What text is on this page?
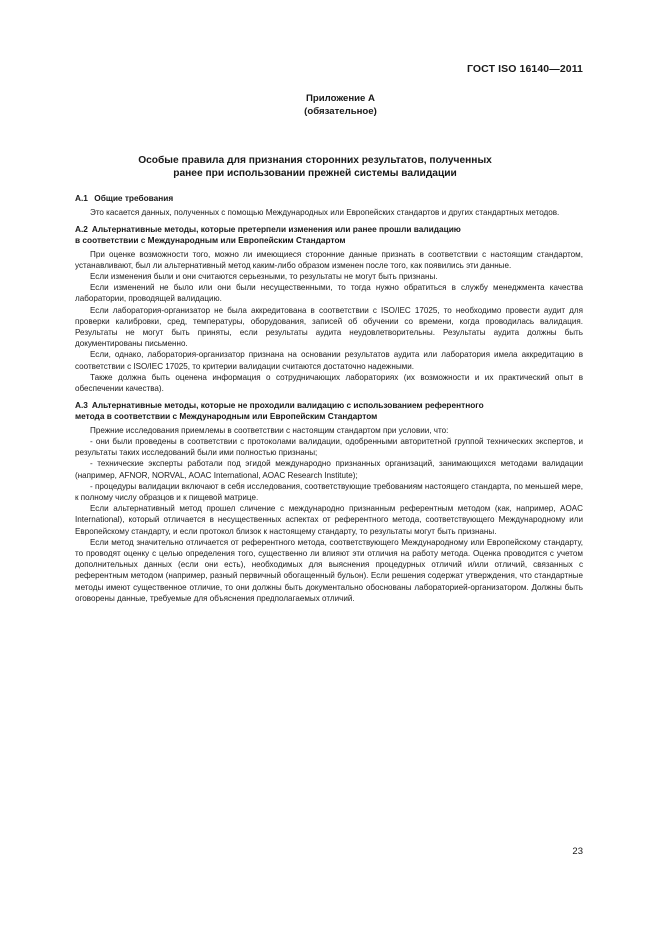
ГОСТ ISO 16140—2011
Приложение А
(обязательное)
Особые правила для признания сторонних результатов, полученных
ранее при использовании прежней системы валидации
А.1 Общие требования

Это касается данных, полученных с помощью Международных или Европейских стандартов и других стандартных методов.

А.2 Альтернативные методы, которые претерпели изменения или ранее прошли валидацию
в соответствии с Международным или Европейским Стандартом

При оценке возможности того, можно ли имеющиеся сторонние данные признать в соответствии с настоящим стандартом, устанавливают, был ли альтернативный метод каким-либо образом изменен после того, как появились эти данные.

Если изменения были и они считаются серьезными, то результаты не могут быть признаны.

Если изменений не было или они были несущественными, то тогда нужно обратиться в службу менеджмента качества лаборатории, проводящей валидацию.

Если лаборатория-организатор не была аккредитована в соответствии с ISO/IEC 17025, то необходимо провести аудит для проверки калибровки, сред, температуры, оборудования, записей об обучении со времени, когда проводилась валидация. Результаты не могут быть приняты, если результаты аудита неудовлетворительны. Результаты аудита должны быть документированы письменно.

Если, однако, лаборатория-организатор признана на основании результатов аудита или лаборатория имела аккредитацию в соответствии с ISO/IEC 17025, то критерии валидации считаются достаточно надежными.

Также должна быть оценена информация о сотрудничающих лабораториях (их возможности и их практический опыт в обеспечении качества).

А.3 Альтернативные методы, которые не проходили валидацию с использованием референтного
метода в соответствии с Международным или Европейским Стандартом

Прежние исследования приемлемы в соответствии с настоящим стандартом при условии, что:

- они были проведены в соответствии с протоколами валидации, одобренными авторитетной группой технических экспертов, и результаты таких исследований были ими полностью признаны;

- технические эксперты работали под эгидой международно признанных организаций, занимающихся методами валидации (например, AFNOR, NORVAL, AOAC International, AOAC Research Institute);

- процедуры валидации включают в себя исследования, соответствующие требованиям настоящего стандарта, по меньшей мере, к полному числу образцов и к пищевой матрице.

Если альтернативный метод прошел сличение с международно признанным референтным методом (как, например, AOAC International), который отличается в несущественных аспектах от референтного метода, соответствующего Международному или Европейскому стандарту, и если протокол близок к настоящему стандарту, то результаты могут быть признаны.

Если метод значительно отличается от референтного метода, соответствующего Международному или Европейскому стандарту, то проводят оценку с целью определения того, существенно ли влияют эти отличия на работу метода. Оценка проводится с учетом дополнительных данных (если они есть), необходимых для выяснения процедурных отличий и/или отличий, связанных с референтным методом (например, разный первичный обогащенный бульон). Если решения содержат утверждения, что стандартные методы имеют существенное отличие, то они должны быть документально обоснованы лабораторией-организатором. Должны быть оговорены данные, требуемые для объяснения предполагаемых отличий.

23
